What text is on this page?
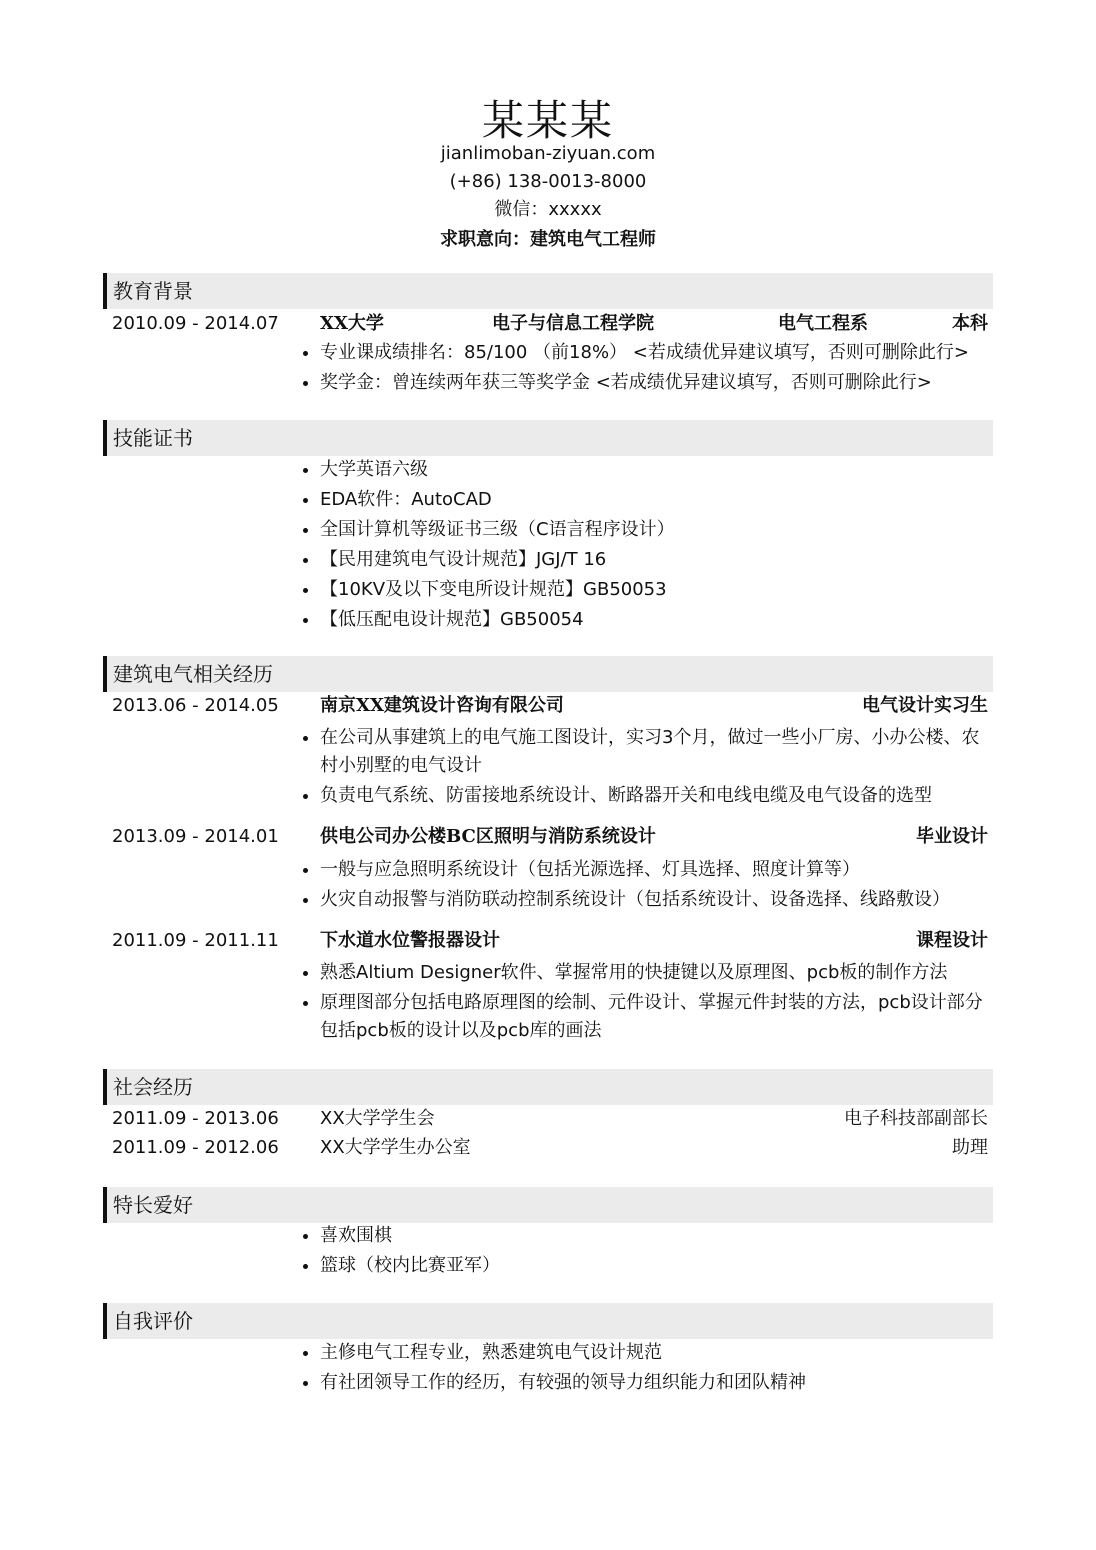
某某某
jianlimoban-ziyuan.com
(+86) 138-0013-8000
微信：xxxxx
求职意向：建筑电气工程师
教育背景
2010.09 - 2014.07 XX大学	电子与信息工程学院	电气工程系	本科
专业课成绩排名：85/100 （前18%） <若成绩优异建议填写，否则可删除此行>
奖学金：曾连续两年获三等奖学金 <若成绩优异建议填写，否则可删除此行>
技能证书
大学英语六级
EDA软件：AutoCAD
全国计算机等级证书三级（C语言程序设计）
【民用建筑电气设计规范】JGJ/T 16
【10KV及以下变电所设计规范】GB50053
【低压配电设计规范】GB50054
建筑电气相关经历
2013.06 - 2014.05 南京XX建筑设计咨询有限公司	电气设计实习生
在公司从事建筑上的电气施工图设计，实习3个月，做过一些小厂房、小办公楼、农村小别墅的电气设计
负责电气系统、防雷接地系统设计、断路器开关和电线电缆及电气设备的选型
2013.09 - 2014.01 供电公司办公楼BC区照明与消防系统设计	毕业设计
一般与应急照明系统设计（包括光源选择、灯具选择、照度计算等）
火灾自动报警与消防联动控制系统设计（包括系统设计、设备选择、线路敷设）
2011.09 - 2011.11 下水道水位警报器设计	课程设计
熟悉Altium Designer软件、掌握常用的快捷键以及原理图、pcb板的制作方法
原理图部分包括电路原理图的绘制、元件设计、掌握元件封装的方法，pcb设计部分包括pcb板的设计以及pcb库的画法
社会经历
2011.09 - 2013.06 XX大学学生会	电子科技部副部长
2011.09 - 2012.06 XX大学学生办公室	助理
特长爱好
喜欢围棋
篮球（校内比赛亚军）
自我评价
主修电气工程专业，熟悉建筑电气设计规范
有社团领导工作的经历，有较强的领导力组织能力和团队精神
